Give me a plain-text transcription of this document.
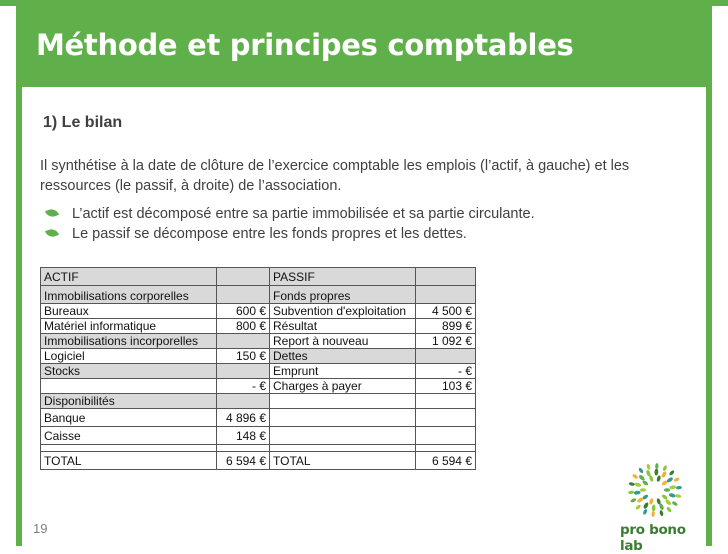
Méthode et principes comptables
1) Le bilan
Il synthétise à la date de clôture de l’exercice comptable les emplois (l’actif, à gauche) et les ressources (le passif, à droite) de l’association.
L’actif est décomposé entre sa partie immobilisée et sa partie circulante.
Le passif se décompose entre les fonds propres et les dettes.
ACTIF		PASSIF	
Immobilisations corporelles		Fonds propres	
Bureaux	600 €	Subvention d'exploitation	4 500 €
Matériel informatique	800 €	Résultat	899 €
Immobilisations incorporelles		Report à nouveau	1 092 €
Logiciel	150 €	Dettes	
Stocks		Emprunt	- €
	- €	Charges à payer	103 €
Disponibilités			
Banque	4 896 €		
Caisse	148 €		

TOTAL	6 594 €	TOTAL	6 594 €
19	pro bono lab
